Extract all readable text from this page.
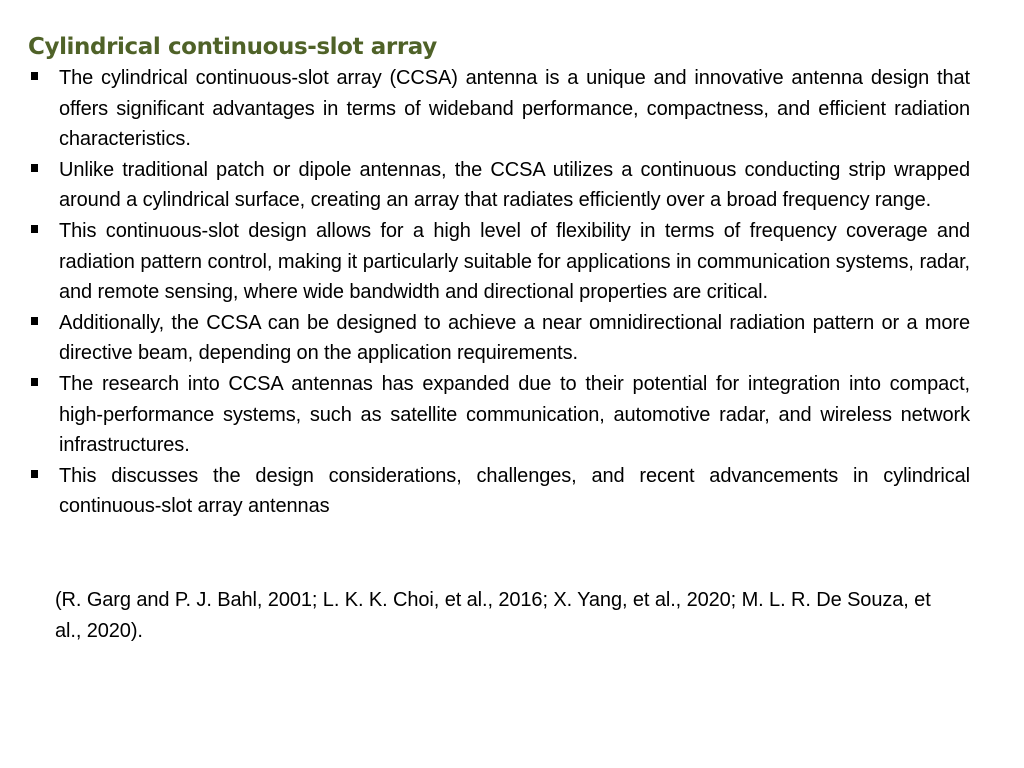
Cylindrical continuous-slot array
The cylindrical continuous-slot array (CCSA) antenna is a unique and innovative antenna design that offers significant advantages in terms of wideband performance, compactness, and efficient radiation characteristics.
Unlike traditional patch or dipole antennas, the CCSA utilizes a continuous conducting strip wrapped around a cylindrical surface, creating an array that radiates efficiently over a broad frequency range.
This continuous-slot design allows for a high level of flexibility in terms of frequency coverage and radiation pattern control, making it particularly suitable for applications in communication systems, radar, and remote sensing, where wide bandwidth and directional properties are critical.
Additionally, the CCSA can be designed to achieve a near omnidirectional radiation pattern or a more directive beam, depending on the application requirements.
The research into CCSA antennas has expanded due to their potential for integration into compact, high-performance systems, such as satellite communication, automotive radar, and wireless network infrastructures.
This discusses the design considerations, challenges, and recent advancements in cylindrical continuous-slot array antennas

(R. Garg and P. J. Bahl, 2001; L. K. K. Choi, et al., 2016; X. Yang, et al., 2020; M. L. R. De Souza, et al., 2020).
